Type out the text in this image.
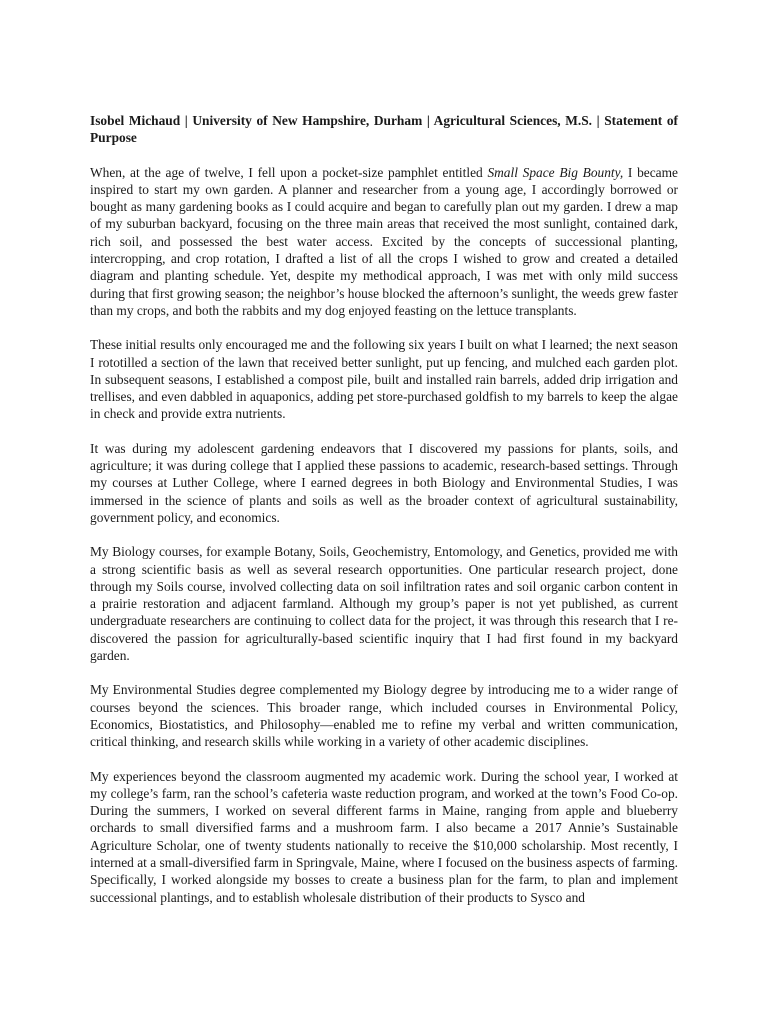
Isobel Michaud | University of New Hampshire, Durham | Agricultural Sciences, M.S. | Statement of Purpose

When, at the age of twelve, I fell upon a pocket-size pamphlet entitled Small Space Big Bounty, I became inspired to start my own garden. A planner and researcher from a young age, I accordingly borrowed or bought as many gardening books as I could acquire and began to carefully plan out my garden. I drew a map of my suburban backyard, focusing on the three main areas that received the most sunlight, contained dark, rich soil, and possessed the best water access. Excited by the concepts of successional planting, intercropping, and crop rotation, I drafted a list of all the crops I wished to grow and created a detailed diagram and planting schedule. Yet, despite my methodical approach, I was met with only mild success during that first growing season; the neighbor’s house blocked the afternoon’s sunlight, the weeds grew faster than my crops, and both the rabbits and my dog enjoyed feasting on the lettuce transplants.

These initial results only encouraged me and the following six years I built on what I learned; the next season I rototilled a section of the lawn that received better sunlight, put up fencing, and mulched each garden plot. In subsequent seasons, I established a compost pile, built and installed rain barrels, added drip irrigation and trellises, and even dabbled in aquaponics, adding pet store-purchased goldfish to my barrels to keep the algae in check and provide extra nutrients.

It was during my adolescent gardening endeavors that I discovered my passions for plants, soils, and agriculture; it was during college that I applied these passions to academic, research-based settings. Through my courses at Luther College, where I earned degrees in both Biology and Environmental Studies, I was immersed in the science of plants and soils as well as the broader context of agricultural sustainability, government policy, and economics.

My Biology courses, for example Botany, Soils, Geochemistry, Entomology, and Genetics, provided me with a strong scientific basis as well as several research opportunities. One particular research project, done through my Soils course, involved collecting data on soil infiltration rates and soil organic carbon content in a prairie restoration and adjacent farmland. Although my group’s paper is not yet published, as current undergraduate researchers are continuing to collect data for the project, it was through this research that I re-discovered the passion for agriculturally-based scientific inquiry that I had first found in my backyard garden.

My Environmental Studies degree complemented my Biology degree by introducing me to a wider range of courses beyond the sciences. This broader range, which included courses in Environmental Policy, Economics, Biostatistics, and Philosophy—enabled me to refine my verbal and written communication, critical thinking, and research skills while working in a variety of other academic disciplines.

My experiences beyond the classroom augmented my academic work. During the school year, I worked at my college’s farm, ran the school’s cafeteria waste reduction program, and worked at the town’s Food Co-op. During the summers, I worked on several different farms in Maine, ranging from apple and blueberry orchards to small diversified farms and a mushroom farm. I also became a 2017 Annie’s Sustainable Agriculture Scholar, one of twenty students nationally to receive the $10,000 scholarship. Most recently, I interned at a small-diversified farm in Springvale, Maine, where I focused on the business aspects of farming. Specifically, I worked alongside my bosses to create a business plan for the farm, to plan and implement successional plantings, and to establish wholesale distribution of their products to Sysco and
